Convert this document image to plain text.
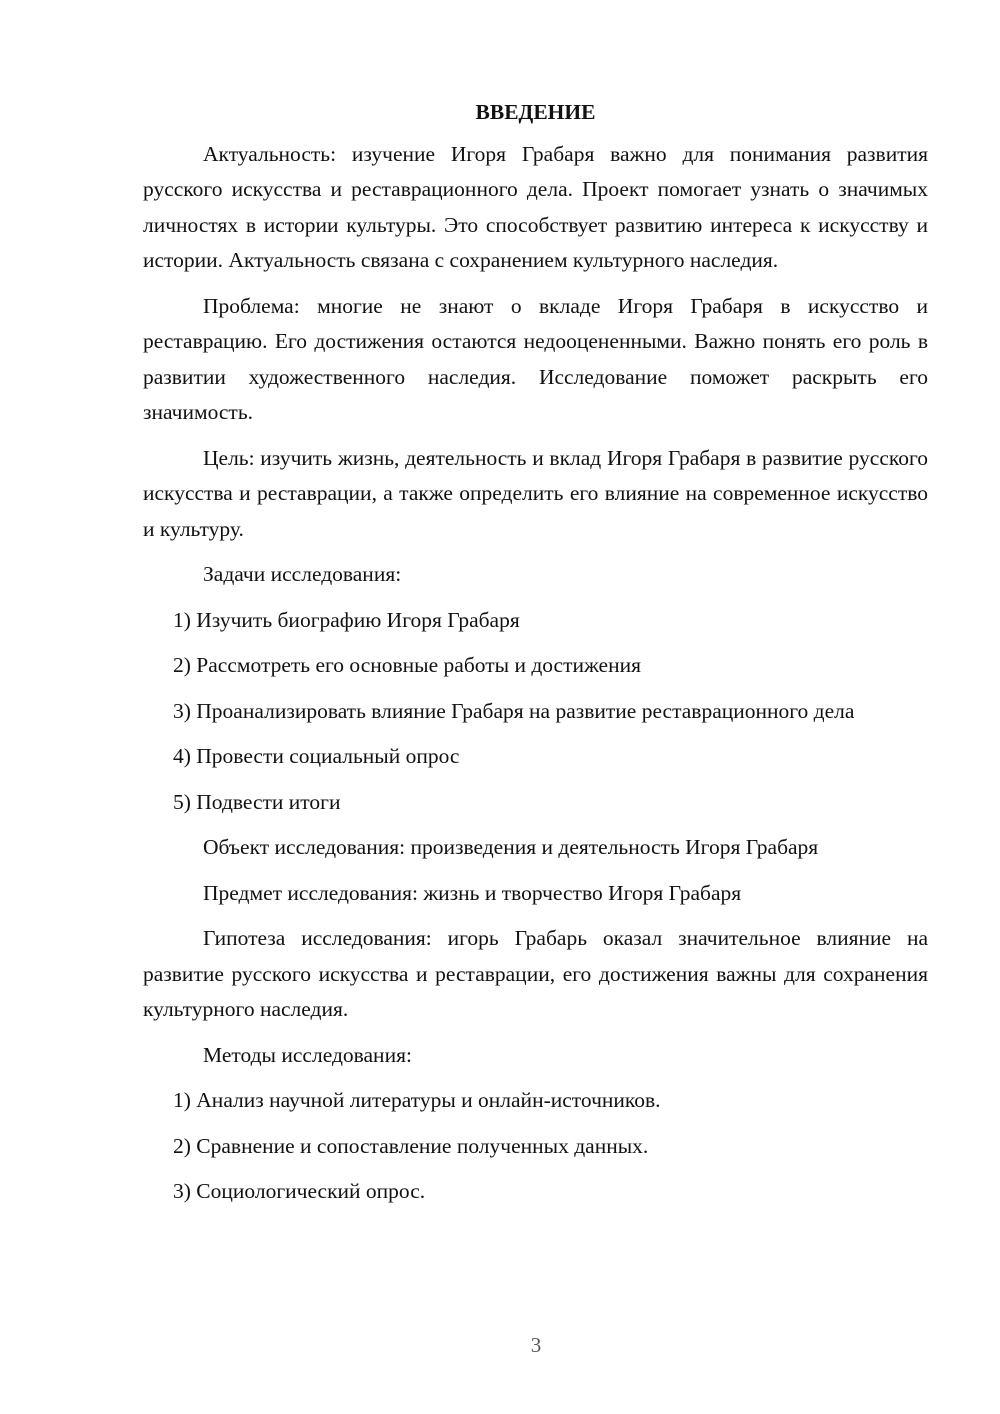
ВВЕДЕНИЕ

Актуальность: изучение Игоря Грабаря важно для понимания развития русского искусства и реставрационного дела. Проект помогает узнать о значимых личностях в истории культуры. Это способствует развитию интереса к искусству и истории. Актуальность связана с сохранением культурного наследия.

Проблема: многие не знают о вкладе Игоря Грабаря в искусство и реставрацию. Его достижения остаются недооцененными. Важно понять его роль в развитии художественного наследия. Исследование поможет раскрыть его значимость.

Цель: изучить жизнь, деятельность и вклад Игоря Грабаря в развитие русского искусства и реставрации, а также определить его влияние на современное искусство и культуру.

Задачи исследования:

1) Изучить биографию Игоря Грабаря

2) Рассмотреть его основные работы и достижения

3) Проанализировать влияние Грабаря на развитие реставрационного дела

4) Провести социальный опрос

5) Подвести итоги

Объект исследования: произведения и деятельность Игоря Грабаря

Предмет исследования: жизнь и творчество Игоря Грабаря

Гипотеза исследования: игорь Грабарь оказал значительное влияние на развитие русского искусства и реставрации, его достижения важны для сохранения культурного наследия.

Методы исследования:

1) Анализ научной литературы и онлайн-источников.

2) Сравнение и сопоставление полученных данных.

3) Социологический опрос.

3
